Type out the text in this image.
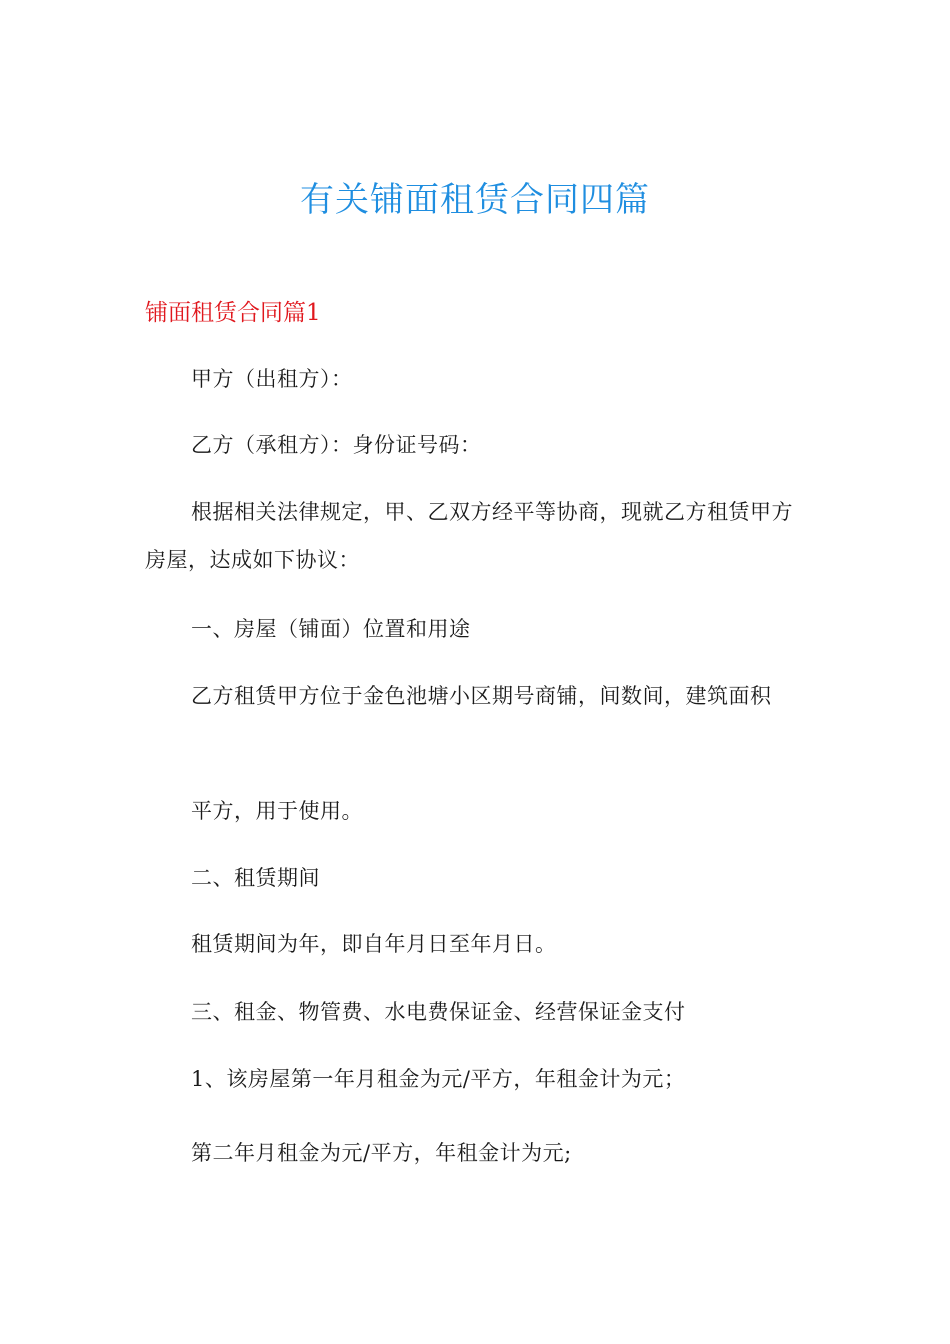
有关铺面租赁合同四篇
铺面租赁合同篇1

甲方（出租方）：

乙方（承租方）：身份证号码：

根据相关法律规定，甲、乙双方经平等协商，现就乙方租赁甲方房屋，达成如下协议：

一、房屋（铺面）位置和用途

乙方租赁甲方位于金色池塘小区期号商铺，间数间，建筑面积

平方，用于使用。

二、租赁期间

租赁期间为年，即自年月日至年月日。

三、租金、物管费、水电费保证金、经营保证金支付

1、该房屋第一年月租金为元/平方，年租金计为元；

第二年月租金为元/平方，年租金计为元;
